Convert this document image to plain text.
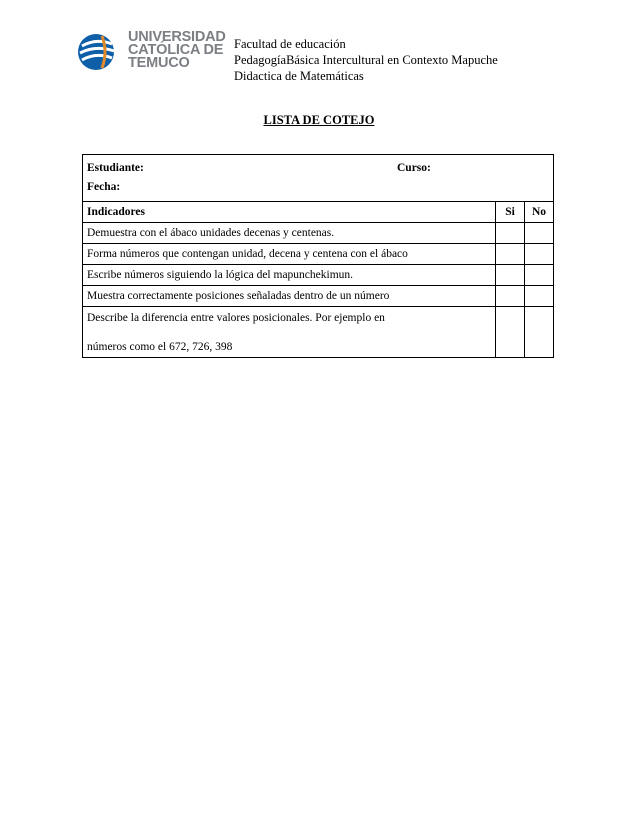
UNIVERSIDAD
CATÓLICA DE
TEMUCO
Facultad de educación
PedagogíaBásica Intercultural en Contexto Mapuche
Didactica de Matemáticas
LISTA DE COTEJO
Estudiante: Curso:
Fecha:		

Indicadores	Si	No
Demuestra con el ábaco unidades decenas y centenas.		
Forma números que contengan unidad, decena y centena con el ábaco		
Escribe números siguiendo la lógica del mapunchekimun.		
Muestra correctamente posiciones señaladas dentro de un número		
Describe la diferencia entre valores posicionales. Por ejemplo en
números como el 672, 726, 398		
